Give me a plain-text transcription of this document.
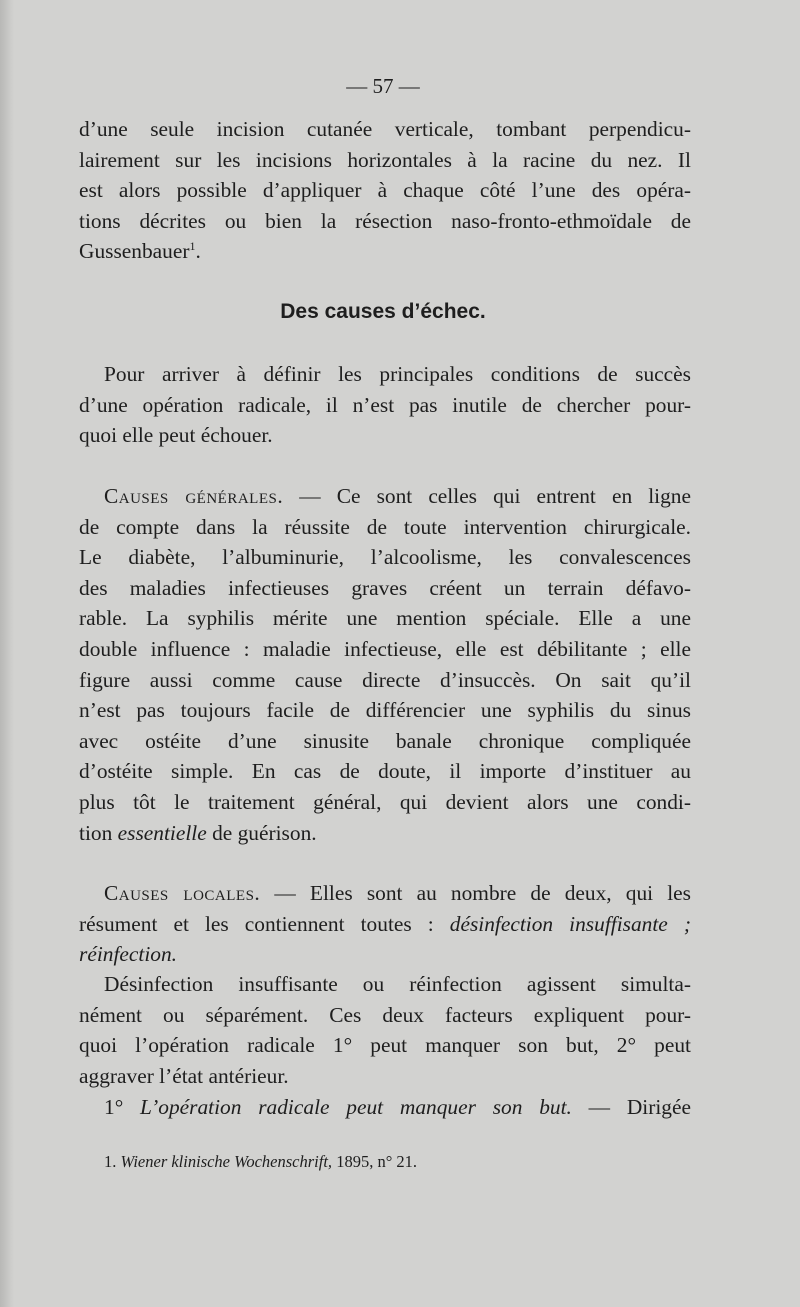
— 57 —
d’une seule incision cutanée verticale, tombant perpendicu-
lairement sur les incisions horizontales à la racine du nez. Il
est alors possible d’appliquer à chaque côté l’une des opéra-
tions décrites ou bien la résection naso-fronto-ethmoïdale de
Gussenbauer$^1$.
Des causes d’échec.
Pour arriver à définir les principales conditions de succès
d’une opération radicale, il n’est pas inutile de chercher pour-
quoi elle peut échouer.
Causes générales. — Ce sont celles qui entrent en ligne
de compte dans la réussite de toute intervention chirurgicale.
Le diabète, l’albuminurie, l’alcoolisme, les convalescences
des maladies infectieuses graves créent un terrain défavo-
rable. La syphilis mérite une mention spéciale. Elle a une
double influence : maladie infectieuse, elle est débilitante ; elle
figure aussi comme cause directe d’insuccès. On sait qu’il
n’est pas toujours facile de différencier une syphilis du sinus
avec ostéite d’une sinusite banale chronique compliquée
d’ostéite simple. En cas de doute, il importe d’instituer au
plus tôt le traitement général, qui devient alors une condi-
tion essentielle de guérison.
Causes locales. — Elles sont au nombre de deux, qui les
résument et les contiennent toutes : désinfection insuffisante ;
réinfection.
Désinfection insuffisante ou réinfection agissent simulta-
nément ou séparément. Ces deux facteurs expliquent pour-
quoi l’opération radicale 1° peut manquer son but, 2° peut
aggraver l’état antérieur.
1° L’opération radicale peut manquer son but. — Dirigée
1. Wiener klinische Wochenschrift, 1895, n° 21.
